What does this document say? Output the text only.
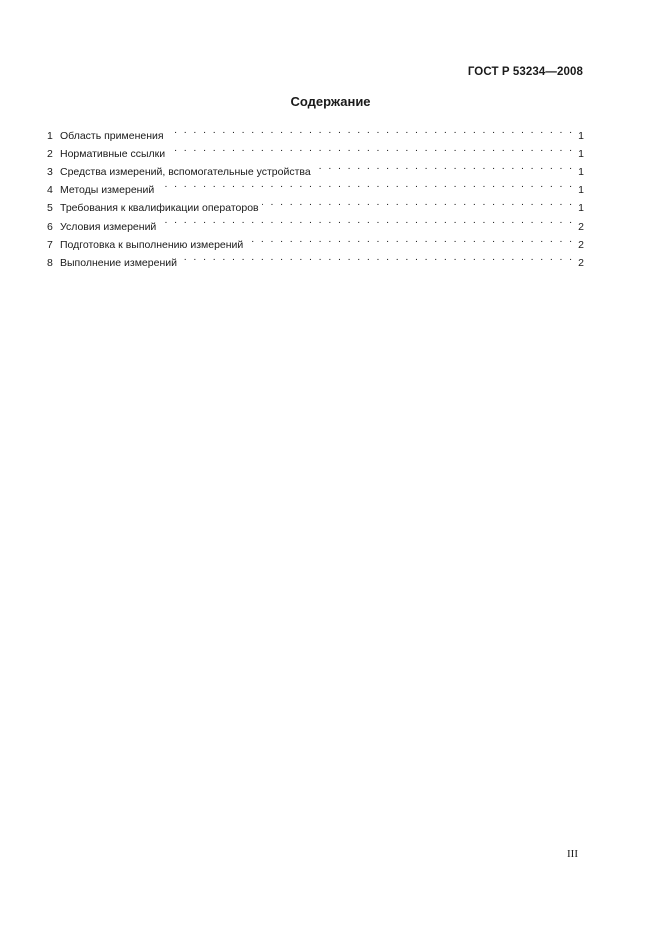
ГОСТ Р 53234—2008
Содержание
1 Область применения . . .	1
2 Нормативные ссылки . . .	1
3 Средства измерений, вспомогательные устройства . . .	1
4 Методы измерений . . .	1
5 Требования к квалификации операторов . . .	1
6 Условия измерений . . .	2
7 Подготовка к выполнению измерений . . .	2
8 Выполнение измерений . . .	2
III
